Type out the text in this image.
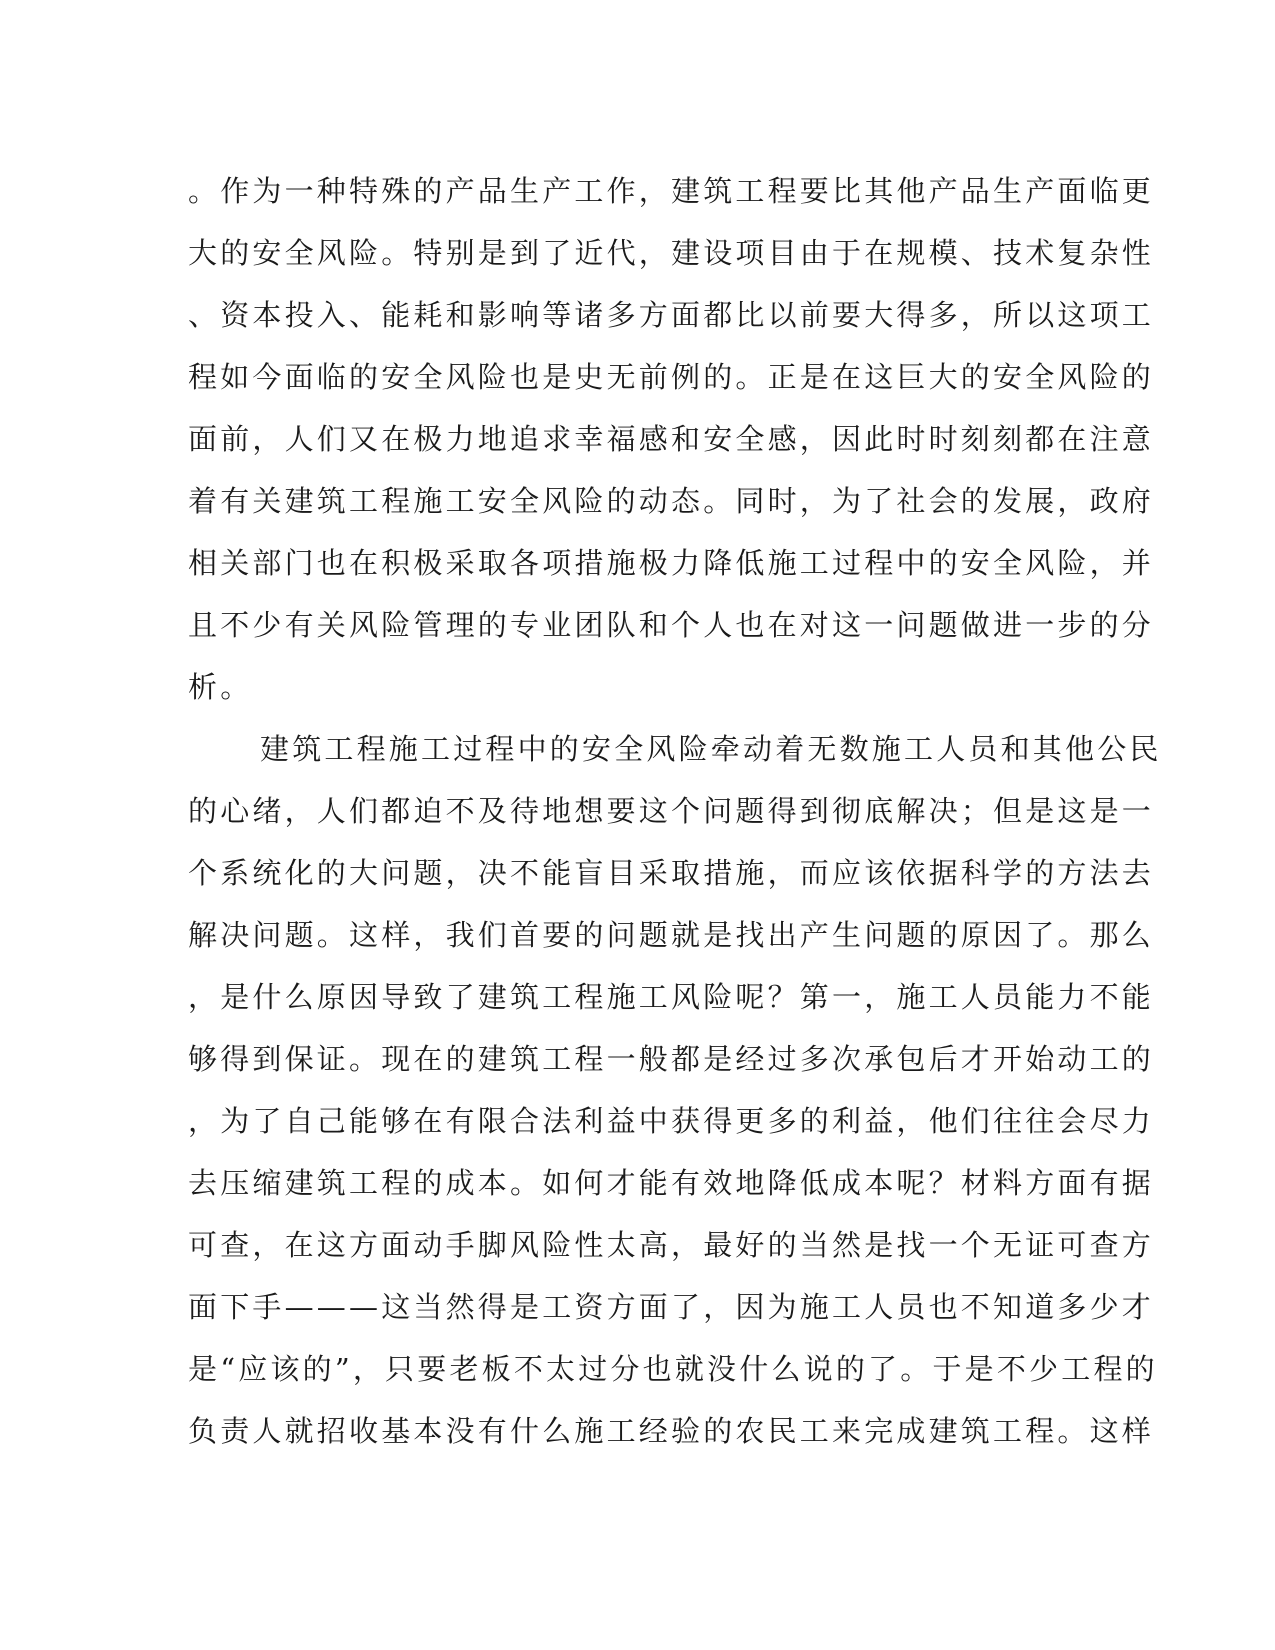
。作为一种特殊的产品生产工作，建筑工程要比其他产品生产面临更
大的安全风险。特别是到了近代，建设项目由于在规模、技术复杂性
、资本投入、能耗和影响等诸多方面都比以前要大得多，所以这项工
程如今面临的安全风险也是史无前例的。正是在这巨大的安全风险的
面前，人们又在极力地追求幸福感和安全感，因此时时刻刻都在注意
着有关建筑工程施工安全风险的动态。同时，为了社会的发展，政府
相关部门也在积极采取各项措施极力降低施工过程中的安全风险，并
且不少有关风险管理的专业团队和个人也在对这一问题做进一步的分
析。
建筑工程施工过程中的安全风险牵动着无数施工人员和其他公民
的心绪，人们都迫不及待地想要这个问题得到彻底解决；但是这是一
个系统化的大问题，决不能盲目采取措施，而应该依据科学的方法去
解决问题。这样，我们首要的问题就是找出产生问题的原因了。那么
，是什么原因导致了建筑工程施工风险呢？第一，施工人员能力不能
够得到保证。现在的建筑工程一般都是经过多次承包后才开始动工的
，为了自己能够在有限合法利益中获得更多的利益，他们往往会尽力
去压缩建筑工程的成本。如何才能有效地降低成本呢？材料方面有据
可查，在这方面动手脚风险性太高，最好的当然是找一个无证可查方
面下手———这当然得是工资方面了，因为施工人员也不知道多少才
是“应该的”，只要老板不太过分也就没什么说的了。于是不少工程的
负责人就招收基本没有什么施工经验的农民工来完成建筑工程。这样
